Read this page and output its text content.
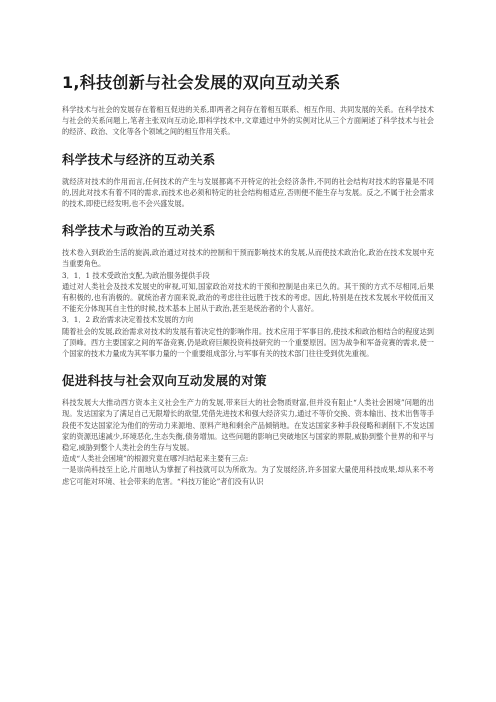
1,科技创新与社会发展的双向互动关系

科学技术与社会的发展存在着相互促进的关系,即两者之间存在着相互联系、相互作用、共同发展的关系。在科学技术与社会的关系问题上,笔者主张双向互动论,即科学技术中,文章通过中外的实例对比从三个方面阐述了科学技术与社会的经济、政治、文化等各个领域之间的相互作用关系。

科学技术与经济的互动关系

就经济对技术的作用而言,任何技术的产生与发展都离不开特定的社会经济条件,不同的社会结构对技术的容量是不同的,因此对技术有着不同的需求,而技术也必须和特定的社会结构相适应,否则便不能生存与发展。反之,不属于社会需求的技术,即使已经发明,也不会兴盛发展。

科学技术与政治的互动关系

技术卷入到政治生活的旋涡,政治通过对技术的控制和干预而影响技术的发展,从而使技术政治化,政治在技术发展中充当重要角色。

3．1．1 技术受政治支配,为政治服务提供手段

通过对人类社会及技术发展史的审视,可知,国家政治对技术的干预和控制是由来已久的。其干预的方式不尽相同,后果有积极的,也有消极的。就统治者方面来说,政治的考虑往往远胜于技术的考虑。因此,特别是在技术发展水平较低而又不能充分体现其自主性的时候,技术基本上屈从于政治,甚至是统治者的个人喜好。

3．1．2 政治需求决定着技术发展的方向

随着社会的发展,政治需求对技术的发展有着决定性的影响作用。技术应用于军事目的,使技术和政治相结合的程度达到了顶峰。西方主要国家之间的军备竞赛,仍是政府巨额投资科技研究的一个重要原因。因为战争和军备竞赛的需求,使一个国家的技术力量成为其军事力量的一个重要组成部分,与军事有关的技术部门往往受到优先重视。

促进科技与社会双向互动发展的对策

科技发展大大推动西方资本主义社会生产力的发展,带来巨大的社会物质财富,但并没有阻止“人类社会困境”问题的出现。发达国家为了满足自己无限增长的欲望,凭借先进技术和强大经济实力,通过不等价交换、资本输出、技术出售等手段使不发达国家沦为他们的劳动力来源地、原料产地和剩余产品倾销地。在发达国家多种手段侵略和剥削下,不发达国家的资源迅速减少,环境恶化,生态失衡,债务增加。这些问题的影响已突破地区与国家的界限,威胁到整个世界的和平与稳定,威胁到整个人类社会的生存与发展。

造成“人类社会困境”的根源究竟在哪?归结起来主要有三点:

一是崇尚科技至上论,片面地认为掌握了科技就可以为所欲为。为了发展经济,许多国家大量使用科技成果,却从来不考虑它可能对环境、社会带来的危害。“科技万能论”者们没有认识
